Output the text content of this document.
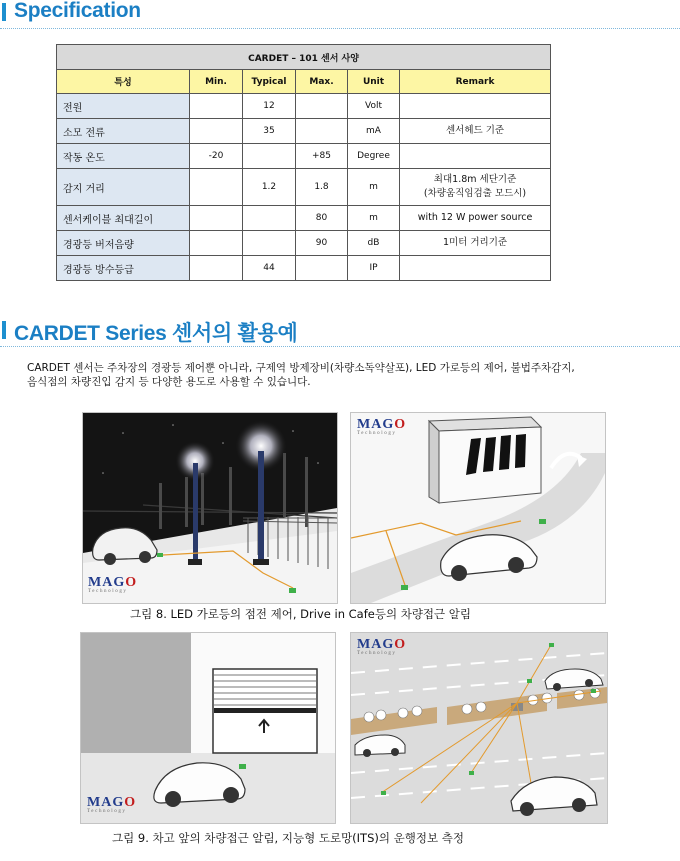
Specification
CARDET – 101 센서 사양					
특성	Min.	Typical	Max.	Unit	Remark
전원		12		Volt	
소모 전류		35		mA	센서헤드 기준
작동 온도	-20		+85	Degree	
감지 거리		1.2	1.8	m	최대1.8m 세단기준
(차량움직임검출 모드시)
센서케이블 최대길이			80	m	with 12 W power source
경광등 버저음량			90	dB	1미터 거리기준
경광등 방수등급		44		IP	
CARDET Series 센서의 활용예
CARDET 센서는 주차장의 경광등 제어뿐 아니라, 구제역 방제장비(차량소독약살포), LED 가로등의 제어, 불법주차감지,
음식점의 차량진입 감지 등 다양한 용도로 사용할 수 있습니다.
MAGO
Technology
MAGO
Technology
그림 8. LED 가로등의 점전 제어, Drive in Cafe등의 차량접근 알림
MAGO
Technology
MAGO
Technology
그림 9. 차고 앞의 차량접근 알림, 지능형 도로망(ITS)의 운행정보 측정
